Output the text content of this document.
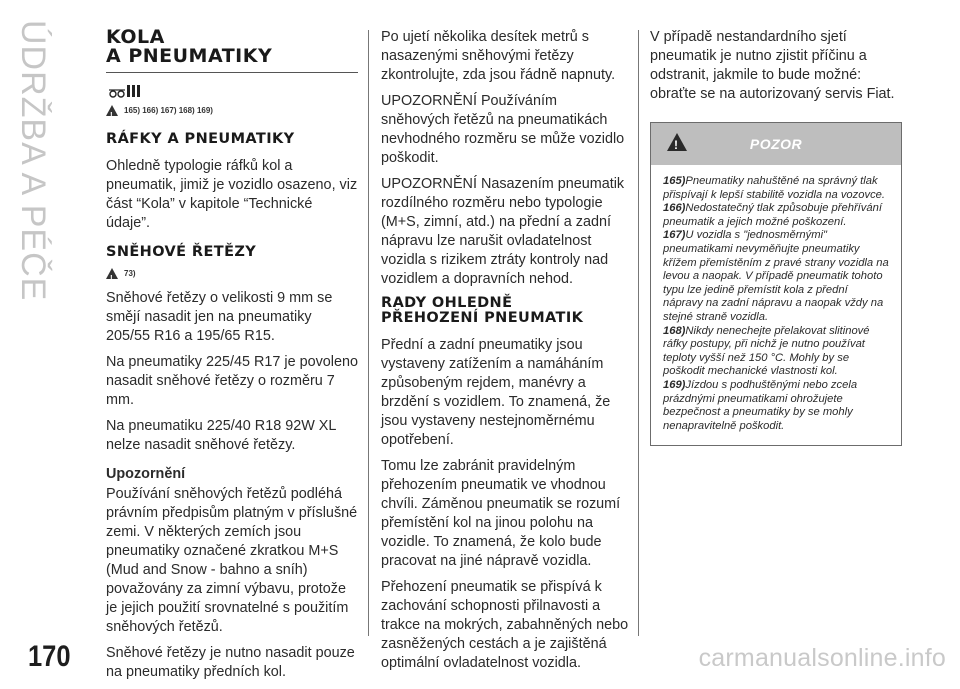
ÚDRŽBA A PÉČE
170
KOLA
A PNEUMATIKY
!
165) 166) 167) 168) 169)
RÁFKY A PNEUMATIKY

Ohledně typologie ráfků kol a pneumatik, jimiž je vozidlo osazeno, viz část “Kola” v kapitole “Technické údaje”.

SNĚHOVÉ ŘETĚZY
!
73)

Sněhové řetězy o velikosti 9 mm se smějí nasadit jen na pneumatiky 205/55 R16 a 195/65 R15.

Na pneumatiky 225/45 R17 je povoleno nasadit sněhové řetězy o rozměru 7 mm.

Na pneumatiku 225/40 R18 92W XL nelze nasadit sněhové řetězy.

Upozornění

Používání sněhových řetězů podléhá právním předpisům platným v příslušné zemi. V některých zemích jsou pneumatiky označené zkratkou M+S (Mud and Snow - bahno a sníh) považovány za zimní výbavu, protože je jejich použití srovnatelné s použitím sněhových řetězů.

Sněhové řetězy je nutno nasadit pouze na pneumatiky předních kol.

Po ujetí několika desítek metrů s nasazenými sněhovými řetězy zkontrolujte, zda jsou řádně napnuty.

UPOZORNĚNÍ Používáním sněhových řetězů na pneumatikách nevhodného rozměru se může vozidlo poškodit.

UPOZORNĚNÍ Nasazením pneumatik rozdílného rozměru nebo typologie (M+S, zimní, atd.) na přední a zadní nápravu lze narušit ovladatelnost vozidla s rizikem ztráty kontroly nad vozidlem a dopravních nehod.

RADY OHLEDNĚ
PŘEHOZENÍ PNEUMATIK

Přední a zadní pneumatiky jsou vystaveny zatížením a namáháním způsobeným rejdem, manévry a brzdění s vozidlem. To znamená, že jsou vystaveny nestejnoměrnému opotřebení.

Tomu lze zabránit pravidelným přehozením pneumatik ve vhodnou chvíli. Záměnou pneumatik se rozumí přemístění kol na jinou polohu na vozidle. To znamená, že kolo bude pracovat na jiné nápravě vozidla.

Přehození pneumatik se přispívá k zachování schopnosti přilnavosti a trakce na mokrých, zabahněných nebo zasněžených cestách a je zajištěná optimální ovladatelnost vozidla.

V případě nestandardního sjetí pneumatik je nutno zjistit příčinu a odstranit, jakmile to bude možné: obraťte se na autorizovaný servis Fiat.

!
POZOR
165)Pneumatiky nahuštěné na správný tlak přispívají k lepší stabilitě vozidla na vozovce.
166)Nedostatečný tlak způsobuje přehřívání pneumatik a jejich možné poškození.
167)U vozidla s "jednosměrnými" pneumatikami nevyměňujte pneumatiky křížem přemístěním z pravé strany vozidla na levou a naopak. V případě pneumatik tohoto typu lze jedině přemístit kola z přední nápravy na zadní nápravu a naopak vždy na stejné straně vozidla.
168)Nikdy nenechejte přelakovat slitinové ráfky postupy, při nichž je nutno používat teploty vyšší než 150 °C. Mohly by se poškodit mechanické vlastnosti kol.
169)Jízdou s podhuštěnými nebo zcela prázdnými pneumatikami ohrožujete bezpečnost a pneumatiky by se mohly nenapravitelně poškodit.
carmanualsonline.info
